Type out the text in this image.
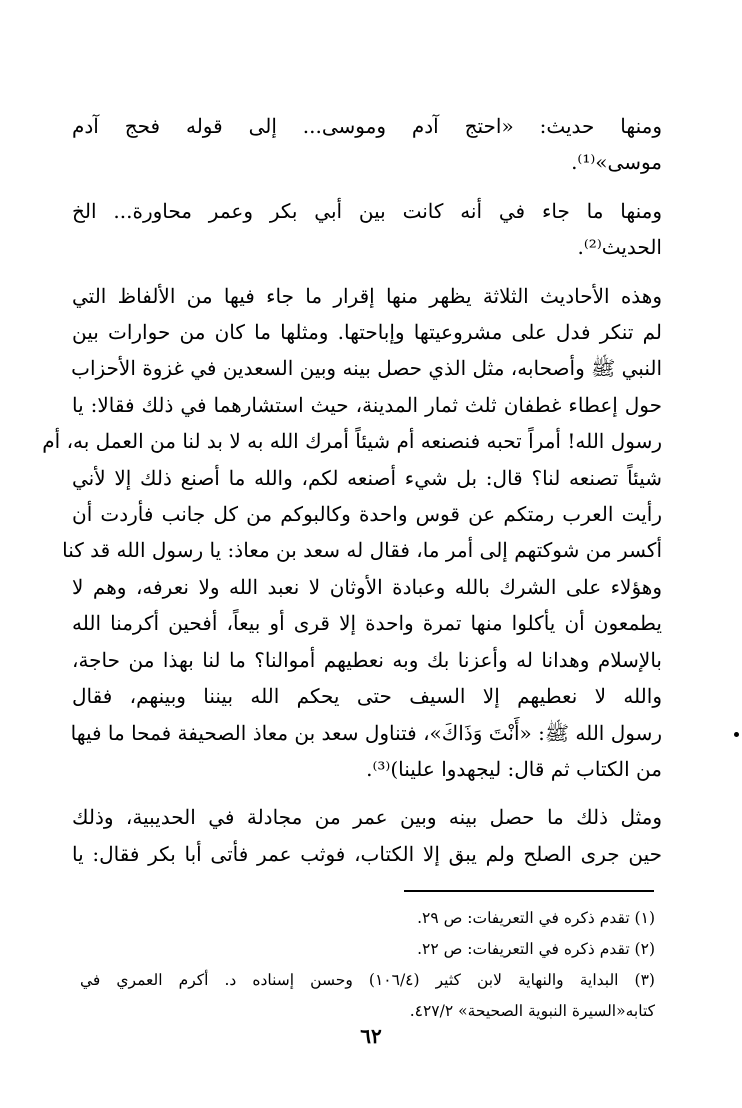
ومنها حديث: «احتج آدم وموسى... إلى قوله فحج آدم
موسى»⁽¹⁾.
ومنها ما جاء في أنه كانت بين أبي بكر وعمر محاورة... الخ
الحديث⁽²⁾.
وهذه الأحاديث الثلاثة يظهر منها إقرار ما جاء فيها من الألفاظ التي
لم تنكر فدل على مشروعيتها وإباحتها. ومثلها ما كان من حوارات بين
النبي ﷺ وأصحابه، مثل الذي حصل بينه وبين السعدين في غزوة الأحزاب
حول إعطاء غطفان ثلث ثمار المدينة، حيث استشارهما في ذلك فقالا: يا
رسول الله! أمراً تحبه فنصنعه أم شيئاً أمرك الله به لا بد لنا من العمل به، أم
شيئاً تصنعه لنا؟ قال: بل شيء أصنعه لكم، والله ما أصنع ذلك إلا لأني
رأيت العرب رمتكم عن قوس واحدة وكالبوكم من كل جانب فأردت أن
أكسر من شوكتهم إلى أمر ما، فقال له سعد بن معاذ: يا رسول الله قد كنا
وهؤلاء على الشرك بالله وعبادة الأوثان لا نعبد الله ولا نعرفه، وهم لا
يطمعون أن يأكلوا منها تمرة واحدة إلا قرى أو بيعاً، أفحين أكرمنا الله
بالإسلام وهدانا له وأعزنا بك وبه نعطيهم أموالنا؟ ما لنا بهذا من حاجة،
والله لا نعطيهم إلا السيف حتى يحكم الله بيننا وبينهم، فقال
رسول الله ﷺ: «أَنْتَ وَذَاكَ»، فتناول سعد بن معاذ الصحيفة فمحا ما فيها
من الكتاب ثم قال: ليجهدوا علينا)⁽³⁾.
ومثل ذلك ما حصل بينه وبين عمر من مجادلة في الحديبية، وذلك
حين جرى الصلح ولم يبق إلا الكتاب، فوثب عمر فأتى أبا بكر فقال: يا
(١) تقدم ذكره في التعريفات: ص ٢٩.
(٢) تقدم ذكره في التعريفات: ص ٢٢.
(٣) البداية والنهاية لابن كثير (١٠٦/٤) وحسن إسناده د. أكرم العمري في
كتابه«السيرة النبوية الصحيحة» ٤٢٧/٢.
٦٢
